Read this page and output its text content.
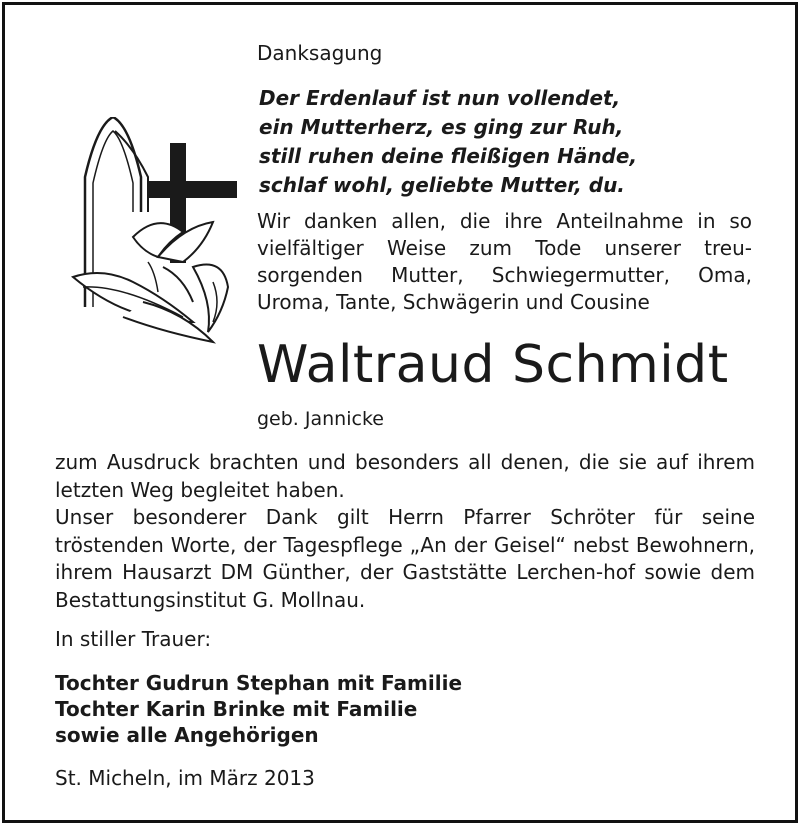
Danksagung
Der Erdenlauf ist nun vollendet,
ein Mutterherz, es ging zur Ruh,
still ruhen deine fleißigen Hände,
schlaf wohl, geliebte Mutter, du.
Wir danken allen, die ihre Anteilnahme in so vielfältiger Weise zum Tode unserer treu-sorgenden Mutter, Schwiegermutter, Oma, Uroma, Tante, Schwägerin und Cousine
Waltraud Schmidt
geb. Jannicke
zum Ausdruck brachten und besonders all denen, die sie auf ihrem letzten Weg begleitet haben.
Unser besonderer Dank gilt Herrn Pfarrer Schröter für seine tröstenden Worte, der Tagespflege „An der Geisel“ nebst Bewohnern, ihrem Hausarzt DM Günther, der Gaststätte Lerchen-hof sowie dem Bestattungsinstitut G. Mollnau.
In stiller Trauer:
Tochter Gudrun Stephan mit Familie
Tochter Karin Brinke mit Familie
sowie alle Angehörigen
St. Micheln, im März 2013
